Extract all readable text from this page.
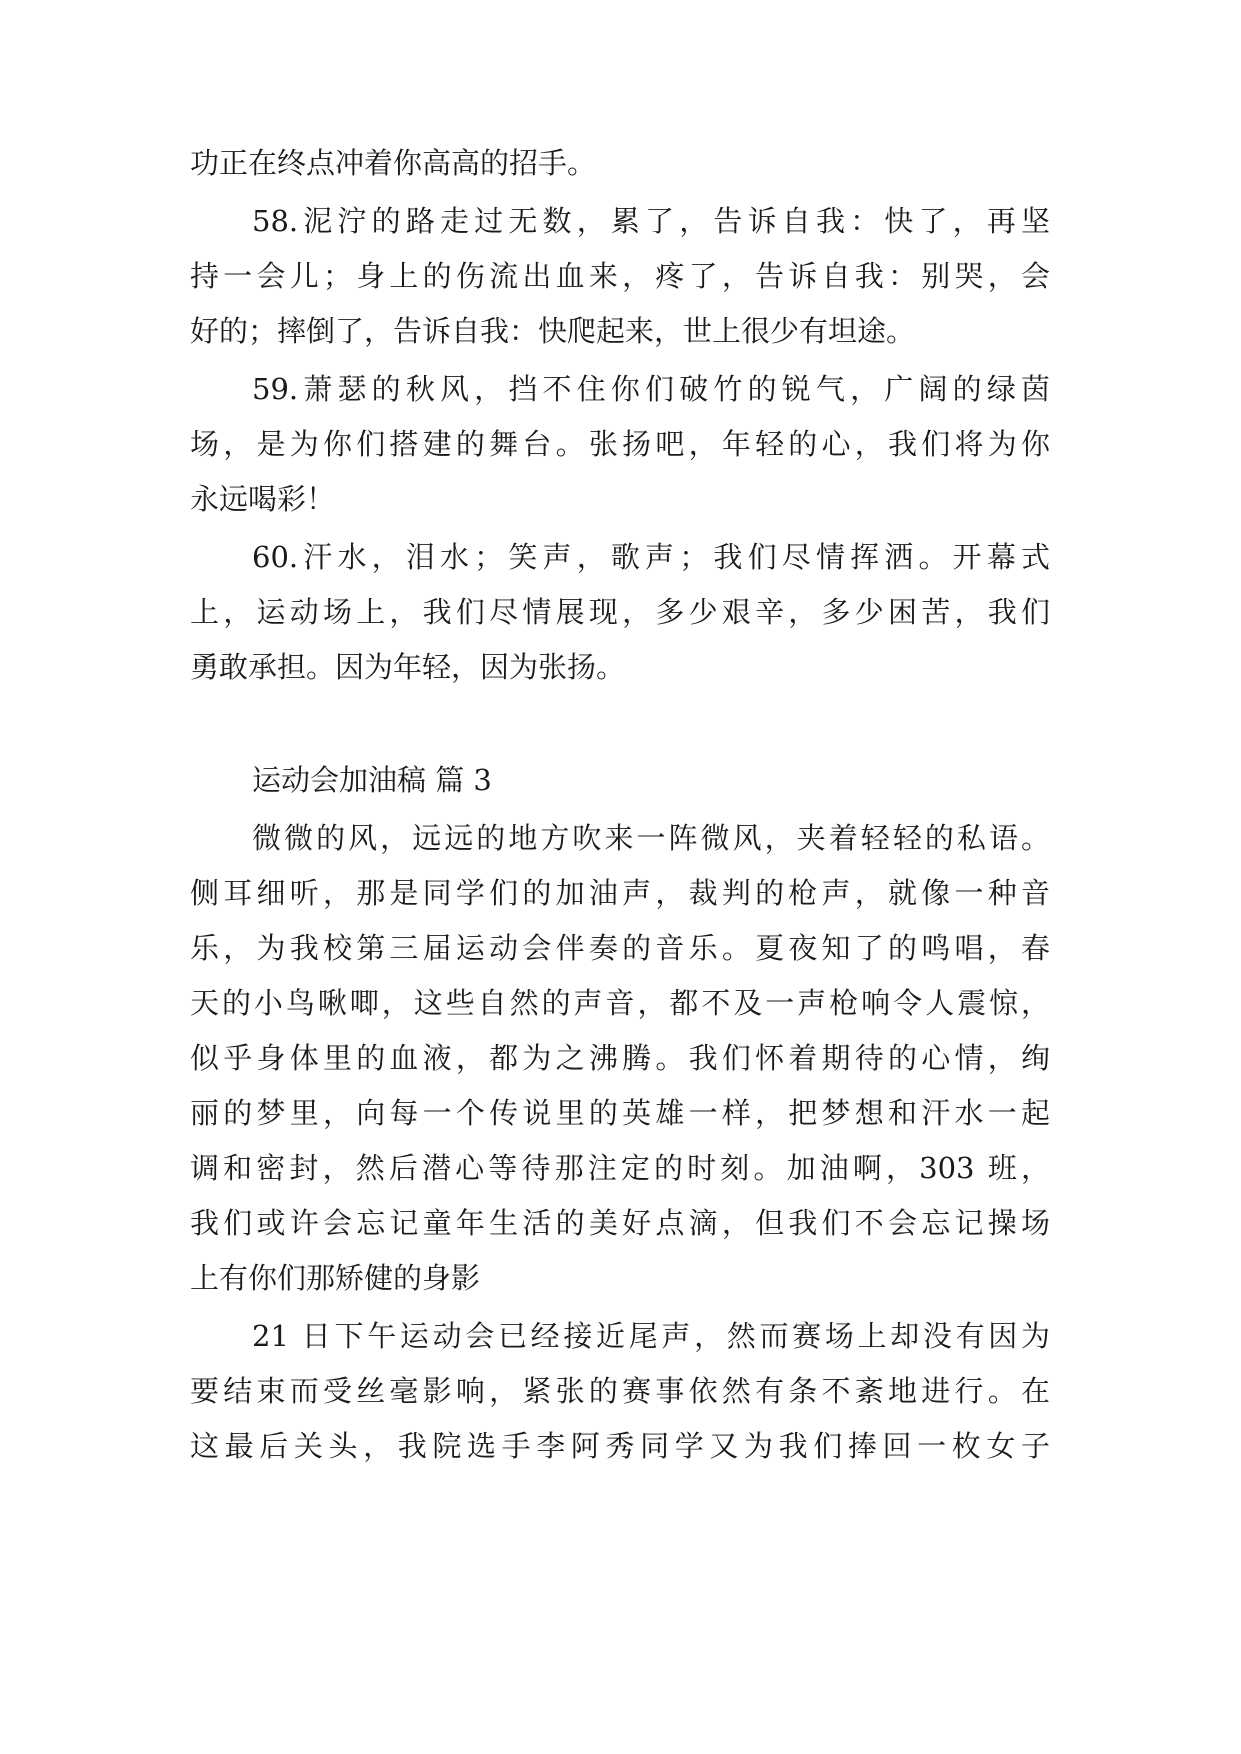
功正在终点冲着你高高的招手。
58.泥泞的路走过无数，累了，告诉自我：快了，再坚
持一会儿；身上的伤流出血来，疼了，告诉自我：别哭，会
好的；摔倒了，告诉自我：快爬起来，世上很少有坦途。
59.萧瑟的秋风，挡不住你们破竹的锐气，广阔的绿茵
场，是为你们搭建的舞台。张扬吧，年轻的心，我们将为你
永远喝彩！
60.汗水，泪水；笑声，歌声；我们尽情挥洒。开幕式
上，运动场上，我们尽情展现，多少艰辛，多少困苦，我们
勇敢承担。因为年轻，因为张扬。
运动会加油稿 篇 3
微微的风，远远的地方吹来一阵微风，夹着轻轻的私语。
侧耳细听，那是同学们的加油声，裁判的枪声，就像一种音
乐，为我校第三届运动会伴奏的音乐。夏夜知了的鸣唱，春
天的小鸟啾唧，这些自然的声音，都不及一声枪响令人震惊，
似乎身体里的血液，都为之沸腾。我们怀着期待的心情，绚
丽的梦里，向每一个传说里的英雄一样，把梦想和汗水一起
调和密封，然后潜心等待那注定的时刻。加油啊，303 班，
我们或许会忘记童年生活的美好点滴，但我们不会忘记操场
上有你们那矫健的身影
21 日下午运动会已经接近尾声，然而赛场上却没有因为
要结束而受丝毫影响，紧张的赛事依然有条不紊地进行。在
这最后关头，我院选手李阿秀同学又为我们捧回一枚女子
